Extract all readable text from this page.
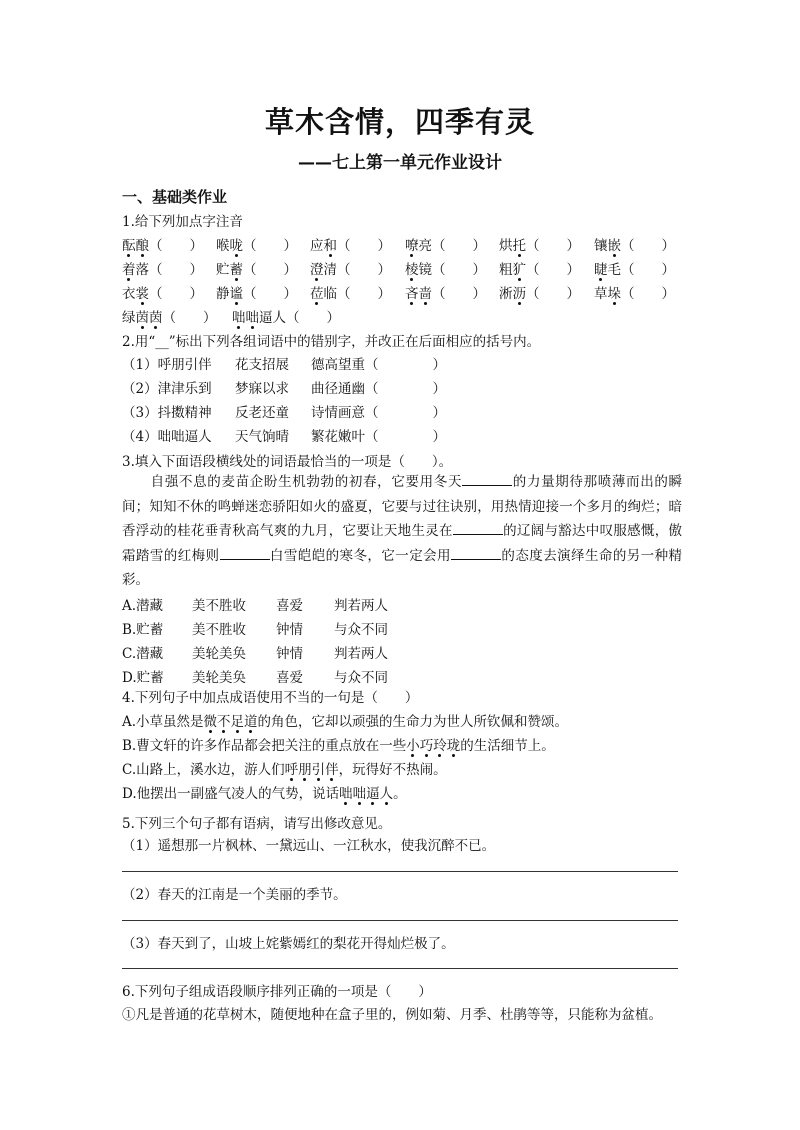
草木含情，四季有灵
——七上第一单元作业设计
一、基础类作业
1.给下列加点字注音
酝酿（　　） 喉咙（　　） 应和（　　） 嘹亮（　　） 烘托（　　） 镶嵌（　　）
着落（　　） 贮蓄（　　） 澄清（　　） 棱镜（　　） 粗犷（　　） 睫毛（　　）
衣裳（　　） 静谧（　　） 莅临（　　） 吝啬（　　） 淅沥（　　） 草垛（　　）
绿茵茵（　　） 咄咄逼人（　　）
2.用“__”标出下列各组词语中的错别字，并改正在后面相应的括号内。
（1）呼朋引伴 花支招展 德高望重（　　　　）
（2）津津乐到 梦寐以求 曲径通幽（　　　　）
（3）抖擞精神 反老还童 诗情画意（　　　　）
（4）咄咄逼人 天气饷晴 繁花嫩叶（　　　　）
3.填入下面语段横线处的词语最恰当的一项是（　　）。
自强不息的麦苗企盼生机勃勃的初春，它要用冬天	的力量期待那喷薄而出的瞬间；知知不休的鸣蝉迷恋骄阳如火的盛夏，它要与过往诀别，用热情迎接一个多月的绚烂；暗香浮动的桂花垂青秋高气爽的九月，它要让天地生灵在	的辽阔与豁达中叹服感慨，傲霜踏雪的红梅则	白雪皑皑的寒冬，它一定会用	的态度去演绎生命的另一种精彩。
A.潜藏 美不胜收 喜爱 判若两人
B.贮蓄 美不胜收 钟情 与众不同
C.潜藏 美轮美奂 钟情 判若两人
D.贮蓄 美轮美奂 喜爱 与众不同
4.下列句子中加点成语使用不当的一句是（　　）
A.小草虽然是微不足道的角色，它却以顽强的生命力为世人所钦佩和赞颂。
B.曹文轩的许多作品都会把关注的重点放在一些小巧玲珑的生活细节上。
C.山路上，溪水边，游人们呼朋引伴，玩得好不热闹。
D.他摆出一副盛气凌人的气势，说话咄咄逼人。
5.下列三个句子都有语病，请写出修改意见。
（1）遥想那一片枫林、一黛远山、一江秋水，使我沉醉不已。
（2）春天的江南是一个美丽的季节。
（3）春天到了，山坡上姹紫嫣红的梨花开得灿烂极了。
6.下列句子组成语段顺序排列正确的一项是（　　）
①凡是普通的花草树木，随便地种在盒子里的，例如菊、月季、杜鹃等等，只能称为盆植。
